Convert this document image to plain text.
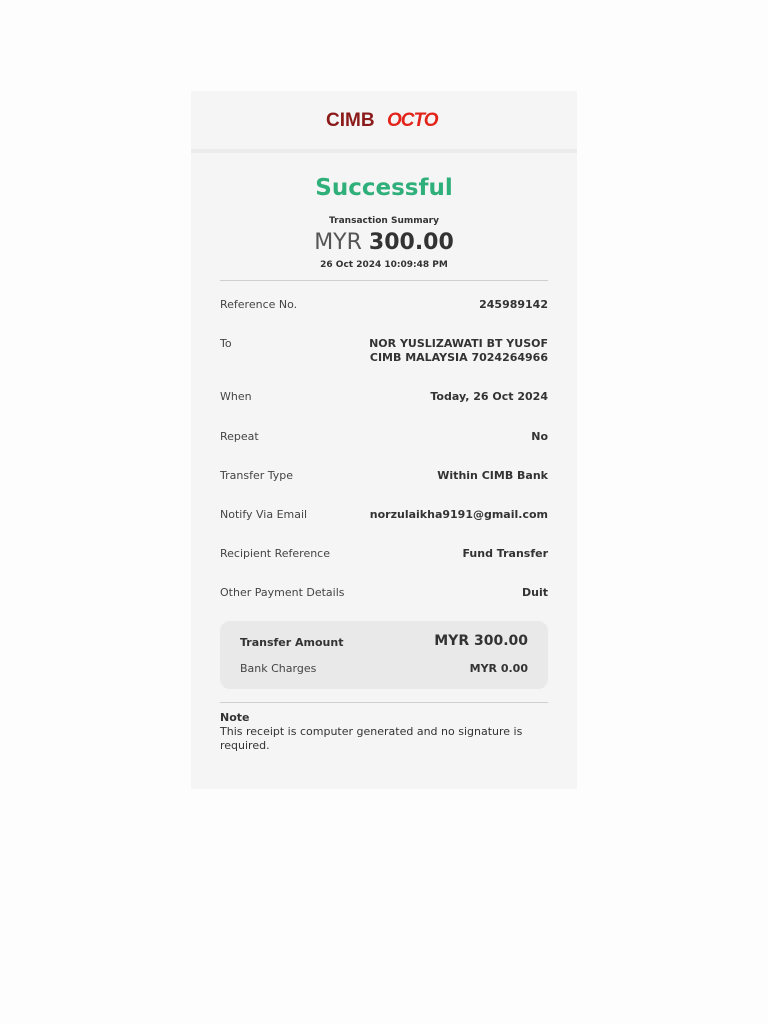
CIMB OCTO
Successful
Transaction Summary
MYR 300.00
26 Oct 2024 10:09:48 PM
Reference No.	245989142
To	NOR YUSLIZAWATI BT YUSOF
CIMB MALAYSIA 7024264966
When	Today, 26 Oct 2024
Repeat	No
Transfer Type	Within CIMB Bank
Notify Via Email	norzulaikha9191@gmail.com
Recipient Reference	Fund Transfer
Other Payment Details	Duit
Transfer Amount	MYR 300.00
Bank Charges	MYR 0.00
Note
This receipt is computer generated and no signature is required.
